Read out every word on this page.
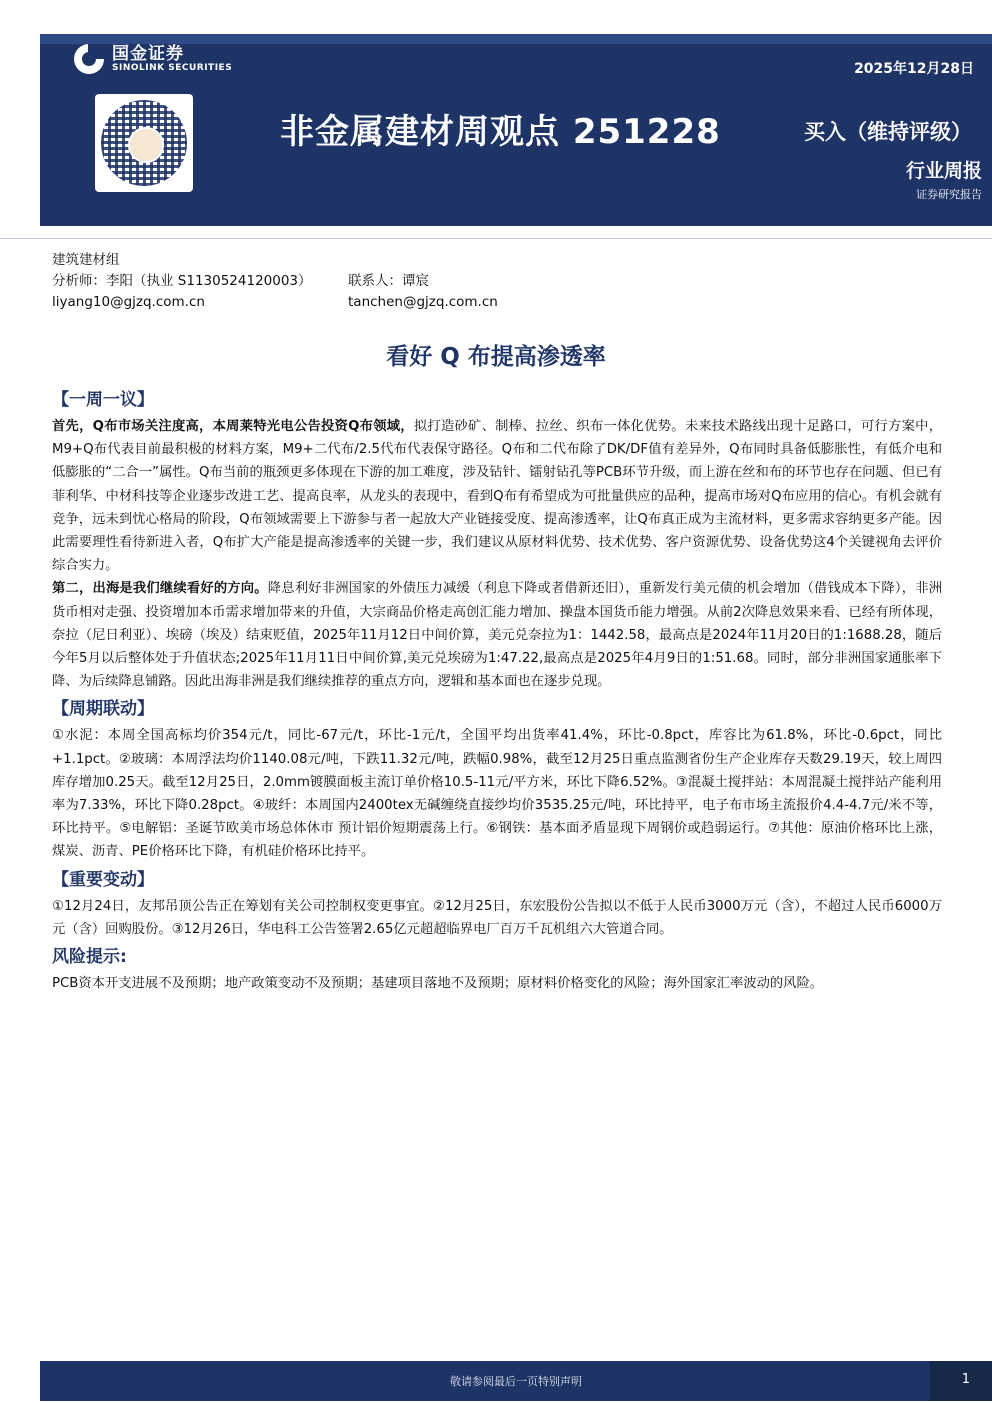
国金证券
SINOLINK SECURITIES	2025年12月28日
非金属建材周观点 251228	买入（维持评级）
行业周报
证券研究报告
建筑建材组
分析师：李阳（执业 S1130524120003）	联系人：谭宸
liyang10@gjzq.com.cn	tanchen@gjzq.com.cn
看好 Q 布提高渗透率
【一周一议】

首先，Q布市场关注度高，本周莱特光电公告投资Q布领域，拟打造砂矿、制棒、拉丝、织布一体化优势。未来技术路线出现十足路口，可行方案中，M9+Q布代表目前最积极的材料方案，M9+二代布/2.5代布代表保守路径。Q布和二代布除了DK/DF值有差异外，Q布同时具备低膨胀性，有低介电和低膨胀的“二合一”属性。Q布当前的瓶颈更多体现在下游的加工难度，涉及钻针、镭射钻孔等PCB环节升级，而上游在丝和布的环节也存在问题、但已有菲利华、中材科技等企业逐步改进工艺、提高良率，从龙头的表现中，看到Q布有希望成为可批量供应的品种，提高市场对Q布应用的信心。有机会就有竞争，远未到忧心格局的阶段，Q布领域需要上下游参与者一起放大产业链接受度、提高渗透率，让Q布真正成为主流材料，更多需求容纳更多产能。因此需要理性看待新进入者，Q布扩大产能是提高渗透率的关键一步，我们建议从原材料优势、技术优势、客户资源优势、设备优势这4个关键视角去评价综合实力。

第二，出海是我们继续看好的方向。降息利好非洲国家的外债压力减缓（利息下降或者借新还旧），重新发行美元债的机会增加（借钱成本下降），非洲货币相对走强、投资增加本币需求增加带来的升值，大宗商品价格走高创汇能力增加、操盘本国货币能力增强。从前2次降息效果来看、已经有所体现，奈拉（尼日利亚）、埃磅（埃及）结束贬值，2025年11月12日中间价算，美元兑奈拉为1：1442.58，最高点是2024年11月20日的1:1688.28，随后今年5月以后整体处于升值状态;2025年11月11日中间价算,美元兑埃磅为1:47.22,最高点是2025年4月9日的1:51.68。同时，部分非洲国家通胀率下降、为后续降息铺路。因此出海非洲是我们继续推荐的重点方向，逻辑和基本面也在逐步兑现。

【周期联动】

①水泥：本周全国高标均价354元/t，同比-67元/t，环比-1元/t，全国平均出货率41.4%，环比-0.8pct，库容比为61.8%，环比-0.6pct，同比+1.1pct。②玻璃：本周浮法均价1140.08元/吨，下跌11.32元/吨，跌幅0.98%，截至12月25日重点监测省份生产企业库存天数29.19天，较上周四库存增加0.25天。截至12月25日，2.0mm镀膜面板主流订单价格10.5-11元/平方米，环比下降6.52%。③混凝土搅拌站：本周混凝土搅拌站产能利用率为7.33%，环比下降0.28pct。④玻纤：本周国内2400tex无碱缠绕直接纱均价3535.25元/吨，环比持平，电子布市场主流报价4.4-4.7元/米不等，环比持平。⑤电解铝：圣诞节欧美市场总体休市 预计铝价短期震荡上行。⑥钢铁：基本面矛盾显现下周钢价或趋弱运行。⑦其他：原油价格环比上涨，煤炭、沥青、PE价格环比下降，有机硅价格环比持平。

【重要变动】

①12月24日，友邦吊顶公告正在筹划有关公司控制权变更事宜。②12月25日，东宏股份公告拟以不低于人民币3000万元（含），不超过人民币6000万元（含）回购股份。③12月26日，华电科工公告签署2.65亿元超超临界电厂百万千瓦机组六大管道合同。

风险提示:

PCB资本开支进展不及预期；地产政策变动不及预期；基建项目落地不及预期；原材料价格变化的风险；海外国家汇率波动的风险。

敬请参阅最后一页特别声明	1
